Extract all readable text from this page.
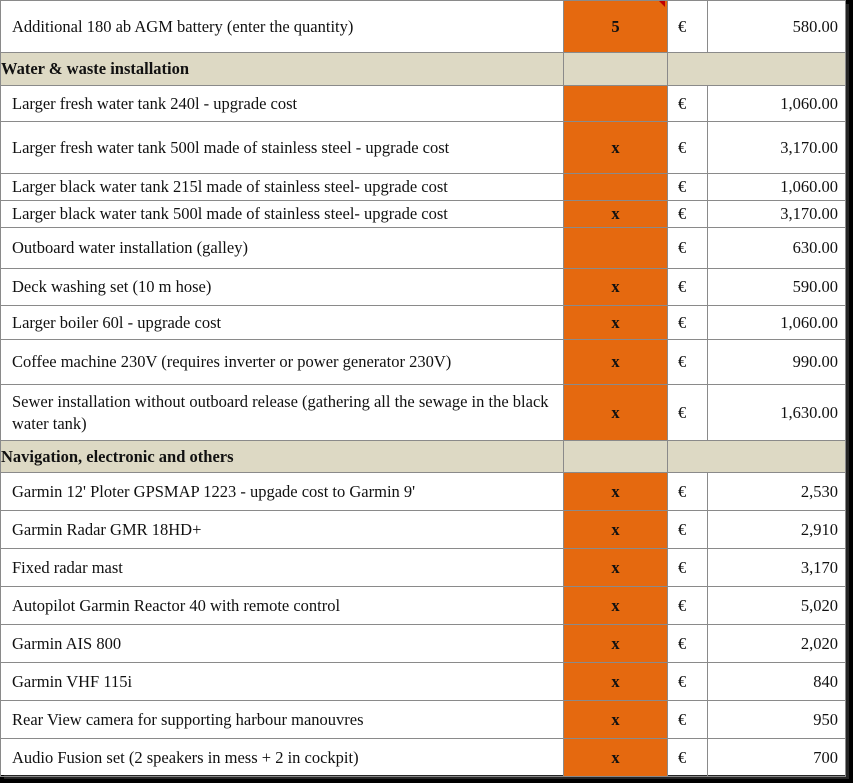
Additional 180 ab AGM battery (enter the quantity)	5	€	580.00
Water & waste installation			
Larger fresh water tank 240l - upgrade cost		€	1,060.00
Larger fresh water tank 500l made of stainless steel - upgrade cost	x	€	3,170.00
Larger black water tank 215l made of stainless steel- upgrade cost		€	1,060.00
Larger black water tank 500l made of stainless steel- upgrade cost	x	€	3,170.00
Outboard water installation (galley)		€	630.00
Deck washing set (10 m hose)	x	€	590.00
Larger boiler 60l - upgrade cost	x	€	1,060.00
Coffee machine 230V (requires inverter or power generator 230V)	x	€	990.00
Sewer installation without outboard release (gathering all the sewage in the black water tank)	x	€	1,630.00
Navigation, electronic and others			
Garmin 12' Ploter GPSMAP 1223 - upgade cost to Garmin 9'	x	€	2,530
Garmin Radar GMR 18HD+	x	€	2,910
Fixed radar mast	x	€	3,170
Autopilot Garmin Reactor 40 with remote control	x	€	5,020
Garmin AIS 800	x	€	2,020
Garmin VHF 115i	x	€	840
Rear View camera for supporting harbour manouvres	x	€	950
Audio Fusion set (2 speakers in mess + 2 in cockpit)	x	€	700
